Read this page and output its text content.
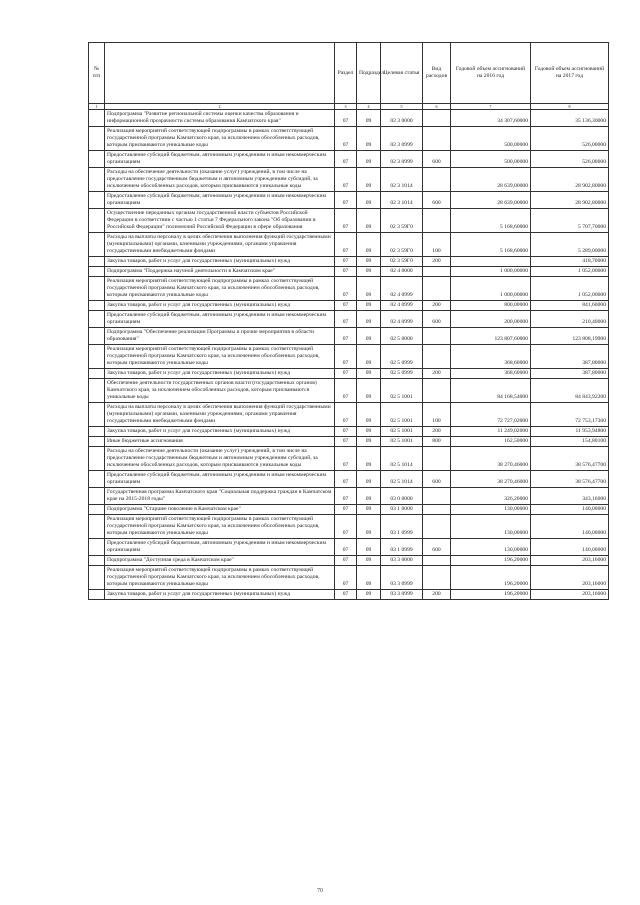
№ п/п		Раздел	Подраздел	Целевая статья	Вид расходов	Годовой объем ассигнований на 2016 год	Годовой объем ассигнований на 2017 год
1	2	3	4	5	6	7	8
	Подпрограмма "Развитие региональной системы оценки качества образования и информационной прозрачности системы образования Камчатского края"	07	09	02 3 0000		34 307,60000	35 136,30000
	Реализация мероприятий соответствующей подпрограммы в рамках соответствующей государственной программы Камчатского края, за исключением обособленных расходов, которым присваиваются уникальные коды	07	09	02 3 0999		500,00000	526,00000
	Предоставление субсидий бюджетным, автономным учреждениям и иным некоммерческим организациям	07	09	02 3 0999	600	500,00000	526,00000
	Расходы на обеспечение деятельности (оказание услуг) учреждений, в том числе на предоставление государственным бюджетным и автономным учреждениям субсидий, за исключением обособленных расходов, которым присваиваются уникальные коды	07	09	02 3 1014		28 639,00000	28 902,80000
	Предоставление субсидий бюджетным, автономным учреждениям и иным некоммерческим организациям	07	09	02 3 1014	600	28 639,00000	28 902,80000
	Осуществление переданных органам государственной власти субъектов Российской Федерации в соответствии с частью 1 статьи 7 Федерального закона "Об образовании в Российской Федерации" полномочий Российской Федерации в сфере образования	07	09	02 3 59Г0		5 168,60000	5 707,70000
	Расходы на выплаты персоналу в целях обеспечения выполнения функций государственными (муниципальными) органами, казенными учреждениями, органами управления государственными внебюджетными фондами	07	09	02 3 59Г0	100	5 168,60000	5 289,00000
	Закупка товаров, работ и услуг для государственных (муниципальных) нужд	07	09	02 3 59Г0	200		418,70000
	Подпрограмма "Поддержка научной деятельности в Камчатском крае"	07	09	02 4 0000		1 000,00000	1 052,00000
	Реализация мероприятий соответствующей подпрограммы в рамках соответствующей государственной программы Камчатского края, за исключением обособленных расходов, которым присваиваются уникальные коды	07	09	02 4 0999		1 000,00000	1 052,00000
	Закупка товаров, работ и услуг для государственных (муниципальных) нужд	07	09	02 4 0999	200	800,00000	841,60000
	Предоставление субсидий бюджетным, автономным учреждениям и иным некоммерческим организациям	07	09	02 4 0999	600	200,00000	210,40000
	Подпрограмма "Обеспечение реализации Программы и прочие мероприятия в области образования"	07	09	02 5 0000		123 807,60000	123 808,19900
	Реализация мероприятий соответствующей подпрограммы в рамках соответствующей государственной программы Камчатского края, за исключением обособленных расходов, которым присваиваются уникальные коды	07	09	02 5 0999		368,60000	387,80000
	Закупка товаров, работ и услуг для государственных (муниципальных) нужд	07	09	02 5 0999	200	368,60000	387,80000
	Обеспечение деятельности государственных органов власти (государственных органов) Камчатского края, за исключением обособленных расходов, которым присваиваются уникальные коды	07	09	02 5 1001		84 168,54000	84 843,92200
	Расходы на выплаты персоналу в целях обеспечения выполнения функций государственными (муниципальными) органами, казенными учреждениями, органами управления государственными внебюджетными фондами	07	09	02 5 1001	100	72 727,02000	72 753,17300
	Закупка товаров, работ и услуг для государственных (муниципальных) нужд	07	09	02 5 1001	200	11 249,02000	11 953,94800
	Иные бюджетные ассигнования	07	09	02 5 1001	800	162,50000	154,80100
	Расходы на обеспечение деятельности (оказание услуг) учреждений, в том числе на предоставление государственным бюджетным и автономным учреждениям субсидий, за исключением обособленных расходов, которым присваиваются уникальные коды	07	09	02 5 1014		38 270,46000	38 576,47700
	Предоставление субсидий бюджетным, автономным учреждениям и иным некоммерческим организациям	07	09	02 5 1014	600	38 270,46000	38 576,47700
	Государственная программа Камчатского края "Социальная поддержка граждан в Камчатском крае на 2015-2018 годы"	07	09	03 0 0000		326,20000	343,16000
	Подпрограмма "Старшее поколение в Камчатском крае"	07	09	03 1 0000		130,00000	140,00000
	Реализация мероприятий соответствующей подпрограммы в рамках соответствующей государственной программы Камчатского края, за исключением обособленных расходов, которым присваиваются уникальные коды	07	09	03 1 0999		130,00000	140,00000
	Предоставление субсидий бюджетным, автономным учреждениям и иным некоммерческим организациям	07	09	03 1 0999	600	130,00000	140,00000
	Подпрограмма "Доступная среда в Камчатском крае"	07	09	03 3 0000		196,20000	203,16000
	Реализация мероприятий соответствующей подпрограммы в рамках соответствующей государственной программы Камчатского края, за исключением обособленных расходов, которым присваиваются уникальные коды	07	09	03 3 0999		196,20000	203,16000
	Закупка товаров, работ и услуг для государственных (муниципальных) нужд	07	09	03 3 0999	200	196,20000	203,16000
70
